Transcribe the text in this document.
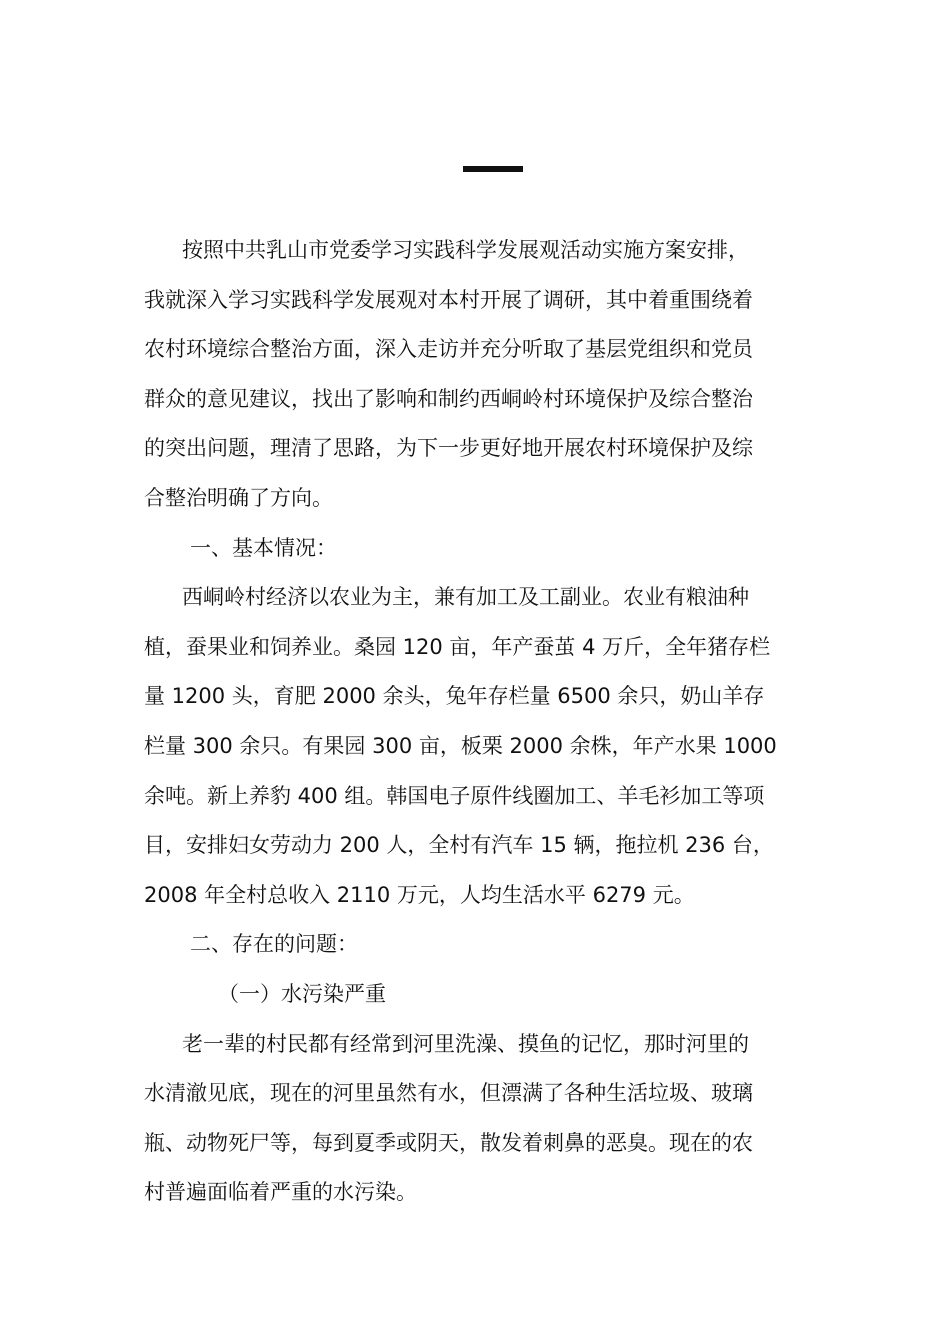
按照中共乳山市党委学习实践科学发展观活动实施方案安排，
我就深入学习实践科学发展观对本村开展了调研，其中着重围绕着
农村环境综合整治方面，深入走访并充分听取了基层党组织和党员
群众的意见建议，找出了影响和制约西峒岭村环境保护及综合整治
的突出问题，理清了思路，为下一步更好地开展农村环境保护及综
合整治明确了方向。
一、基本情况：
西峒岭村经济以农业为主，兼有加工及工副业。农业有粮油种
植，蚕果业和饲养业。桑园 120 亩，年产蚕茧 4 万斤，全年猪存栏
量 1200 头，育肥 2000 余头，兔年存栏量 6500 余只，奶山羊存
栏量 300 余只。有果园 300 亩，板栗 2000 余株，年产水果 1000
余吨。新上养豹 400 组。韩国电子原件线圈加工、羊毛衫加工等项
目，安排妇女劳动力 200 人，全村有汽车 15 辆，拖拉机 236 台，
2008 年全村总收入 2110 万元，人均生活水平 6279 元。
二、存在的问题：
（一）水污染严重
老一辈的村民都有经常到河里洗澡、摸鱼的记忆，那时河里的
水清澈见底，现在的河里虽然有水，但漂满了各种生活垃圾、玻璃
瓶、动物死尸等，每到夏季或阴天，散发着刺鼻的恶臭。现在的农
村普遍面临着严重的水污染。
